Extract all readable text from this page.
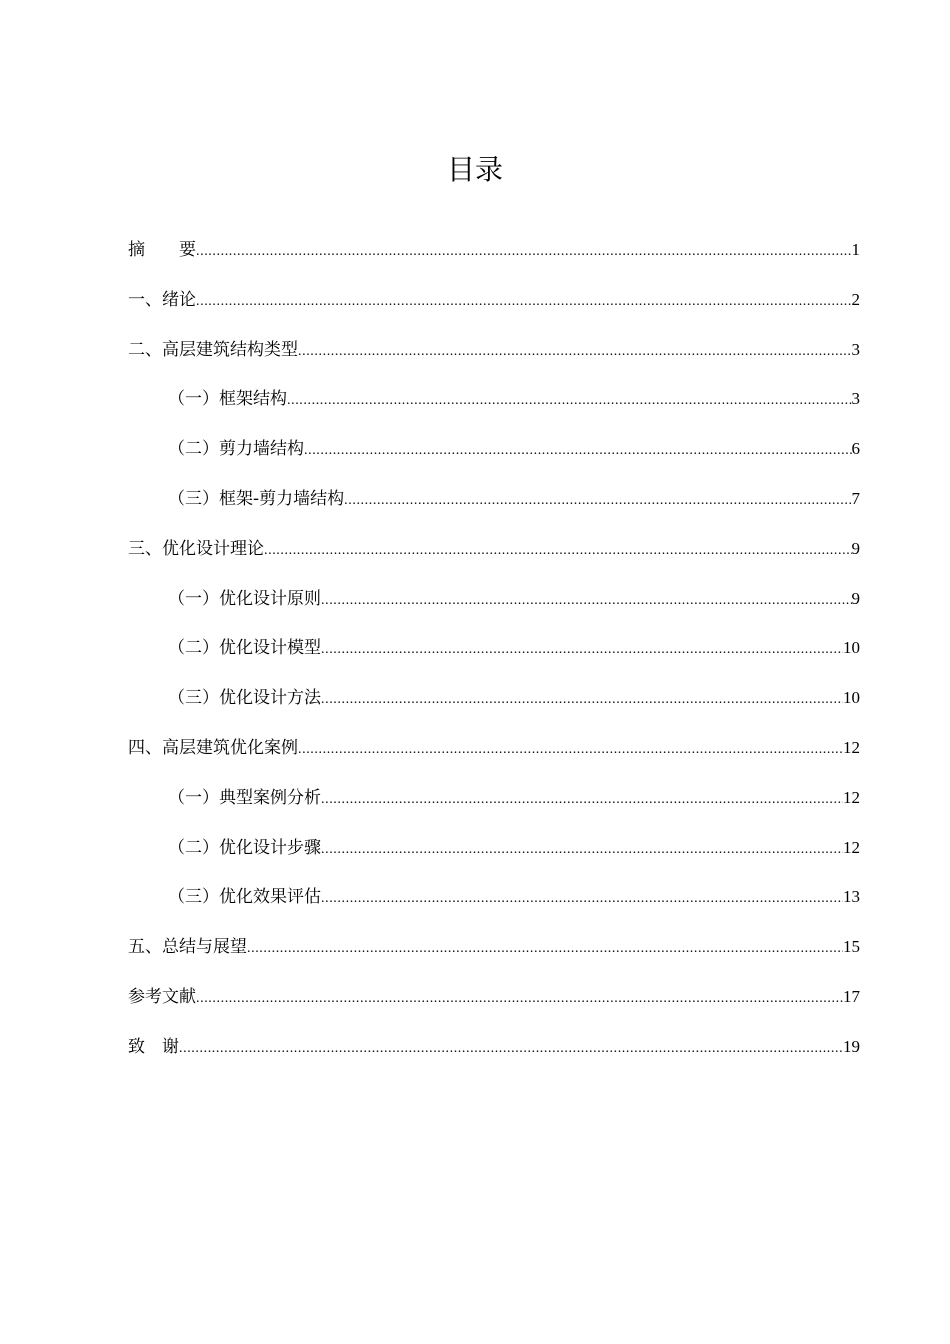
目录
摘　　要 .....	1
一、绪论 .....	2
二、高层建筑结构类型 .....	3
（一）框架结构 .....	3
（二）剪力墙结构 .....	6
（三）框架-剪力墙结构 .....	7
三、优化设计理论 .....	9
（一）优化设计原则 .....	9
（二）优化设计模型 .....	10
（三）优化设计方法 .....	10
四、高层建筑优化案例 .....	12
（一）典型案例分析 .....	12
（二）优化设计步骤 .....	12
（三）优化效果评估 .....	13
五、总结与展望 .....	15
参考文献 .....	17
致　谢 .....	19
